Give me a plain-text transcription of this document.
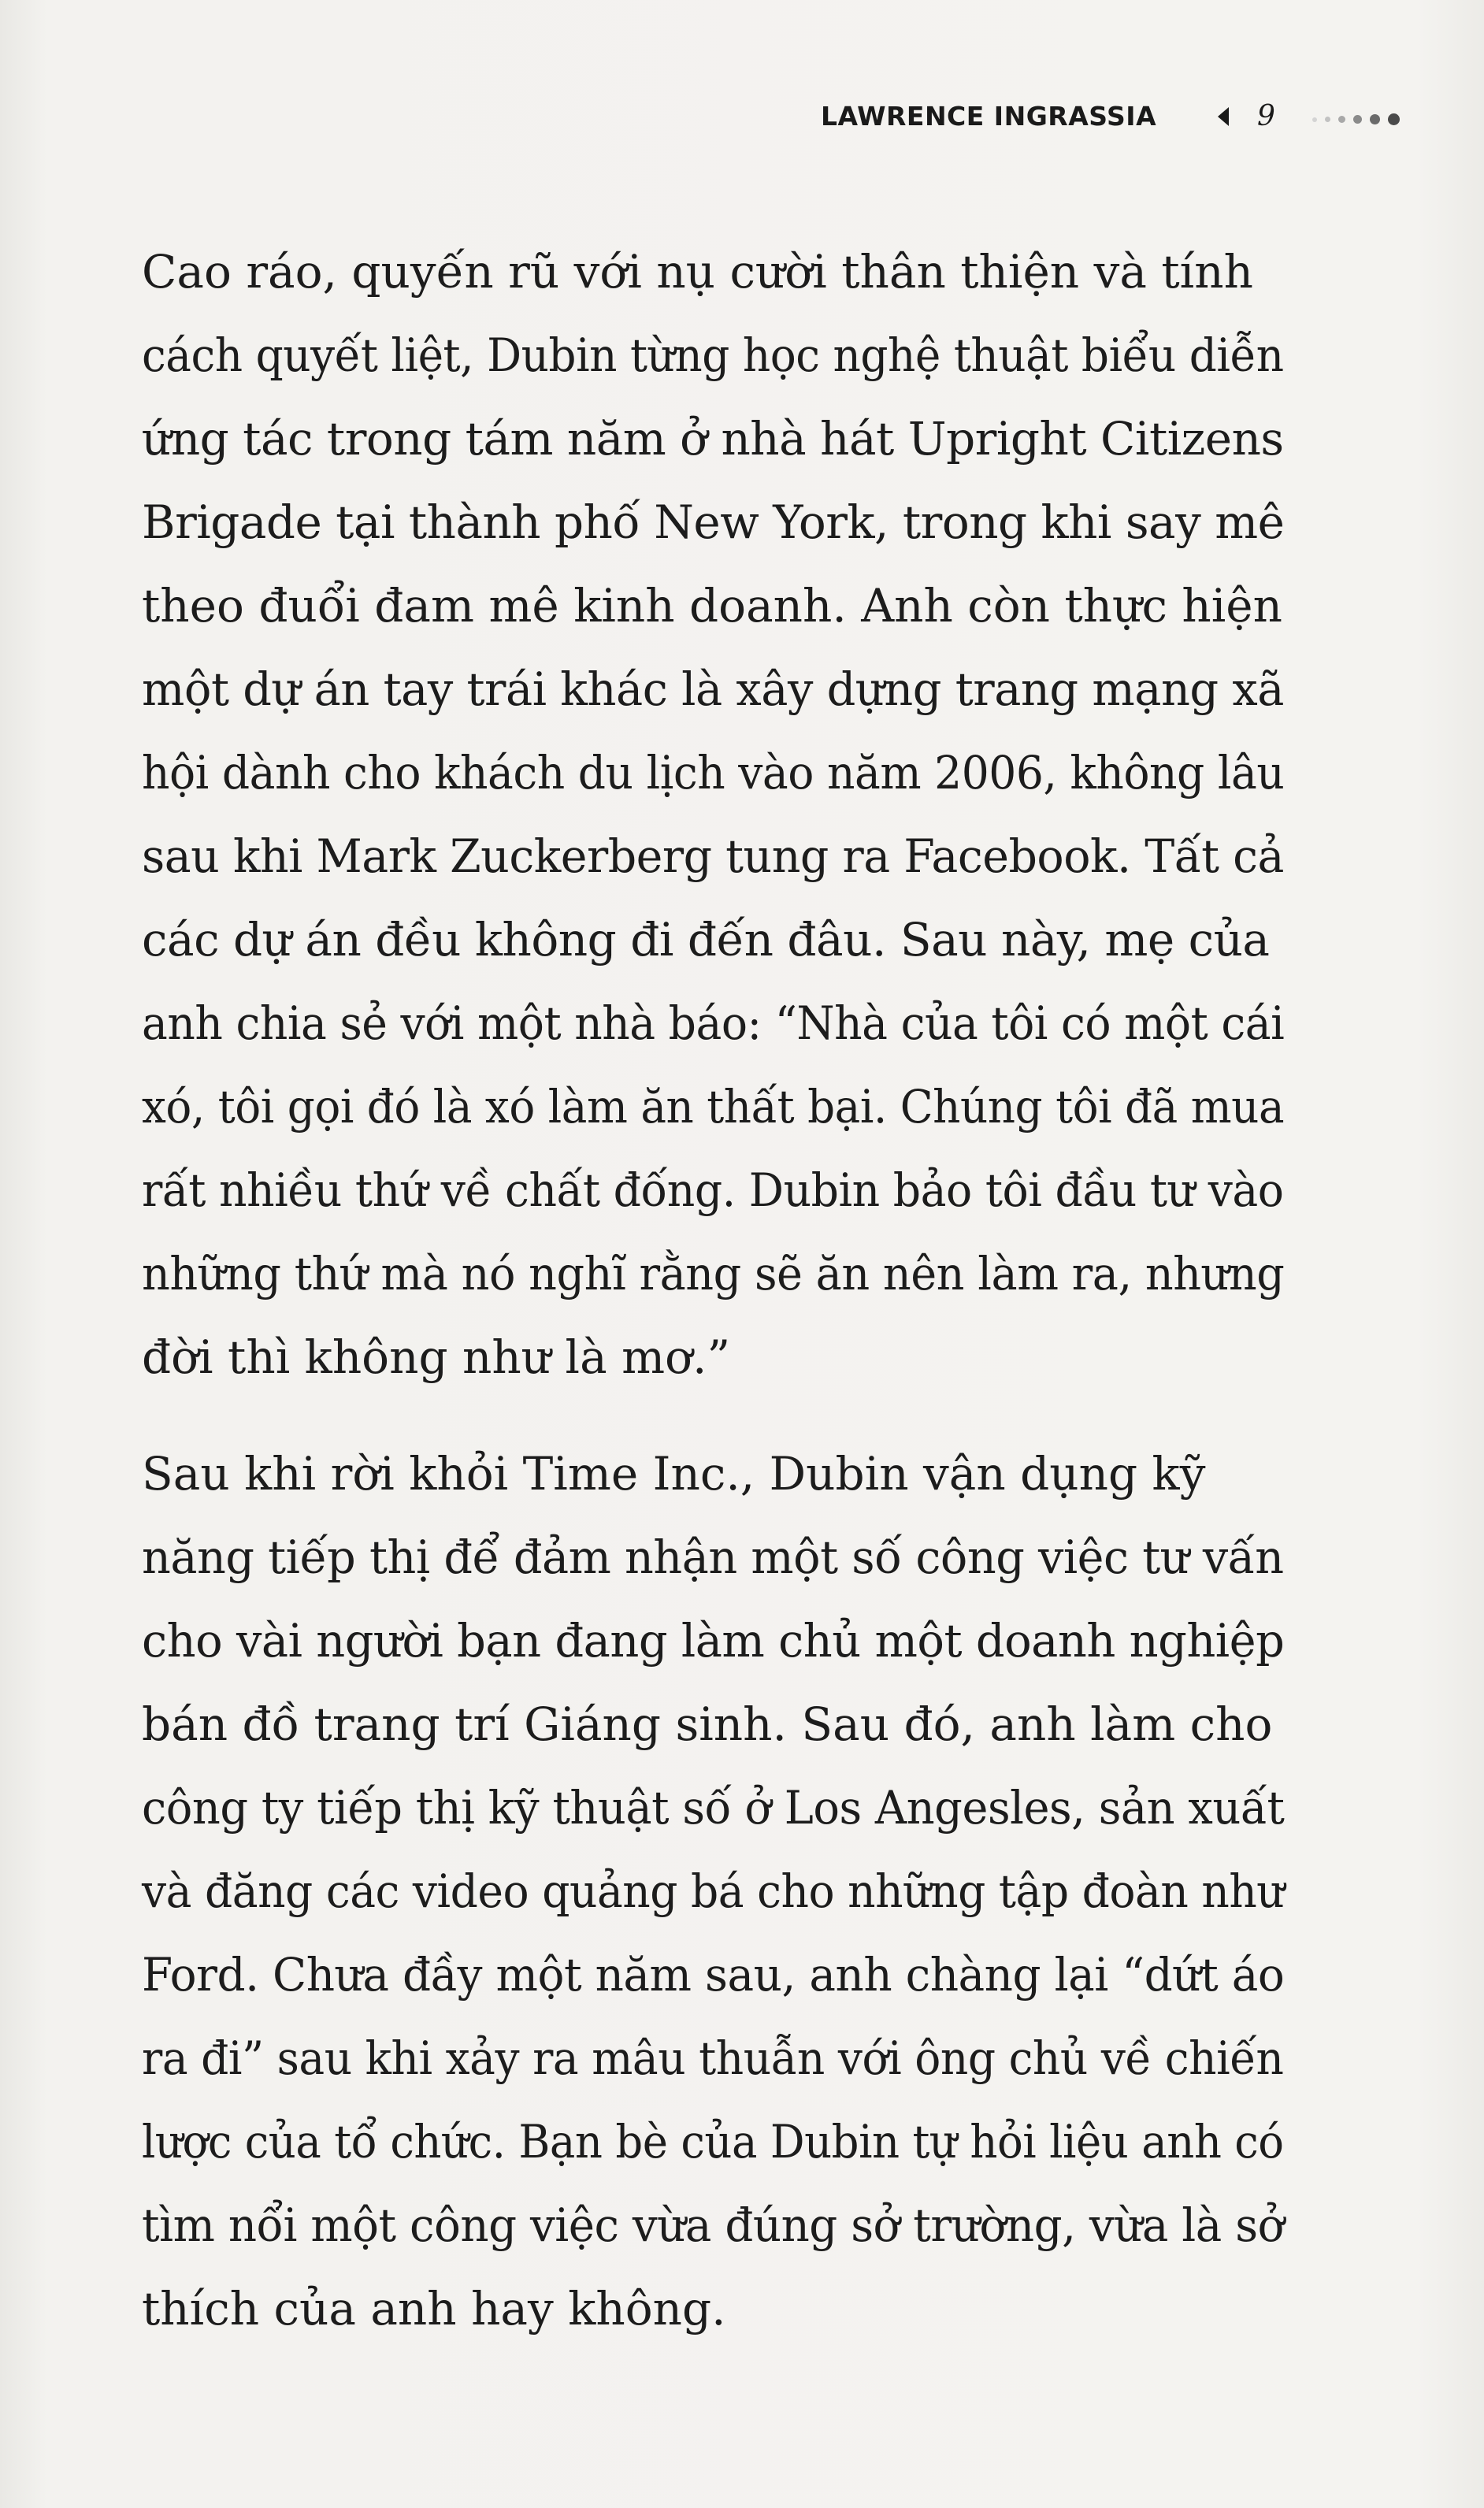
LAWRENCE INGRASSIA	9

Cao ráo, quyến rũ với nụ cười thân thiện và tính
cách quyết liệt, Dubin từng học nghệ thuật biểu diễn
ứng tác trong tám năm ở nhà hát Upright Citizens
Brigade tại thành phố New York, trong khi say mê
theo đuổi đam mê kinh doanh. Anh còn thực hiện
một dự án tay trái khác là xây dựng trang mạng xã
hội dành cho khách du lịch vào năm 2006, không lâu
sau khi Mark Zuckerberg tung ra Facebook. Tất cả
các dự án đều không đi đến đâu. Sau này, mẹ của
anh chia sẻ với một nhà báo: “Nhà của tôi có một cái
xó, tôi gọi đó là xó làm ăn thất bại. Chúng tôi đã mua
rất nhiều thứ về chất đống. Dubin bảo tôi đầu tư vào
những thứ mà nó nghĩ rằng sẽ ăn nên làm ra, nhưng
đời thì không như là mơ.”

Sau khi rời khỏi Time Inc., Dubin vận dụng kỹ
năng tiếp thị để đảm nhận một số công việc tư vấn
cho vài người bạn đang làm chủ một doanh nghiệp
bán đồ trang trí Giáng sinh. Sau đó, anh làm cho
công ty tiếp thị kỹ thuật số ở Los Angesles, sản xuất
và đăng các video quảng bá cho những tập đoàn như
Ford. Chưa đầy một năm sau, anh chàng lại “dứt áo
ra đi” sau khi xảy ra mâu thuẫn với ông chủ về chiến
lược của tổ chức. Bạn bè của Dubin tự hỏi liệu anh có
tìm nổi một công việc vừa đúng sở trường, vừa là sở
thích của anh hay không.
